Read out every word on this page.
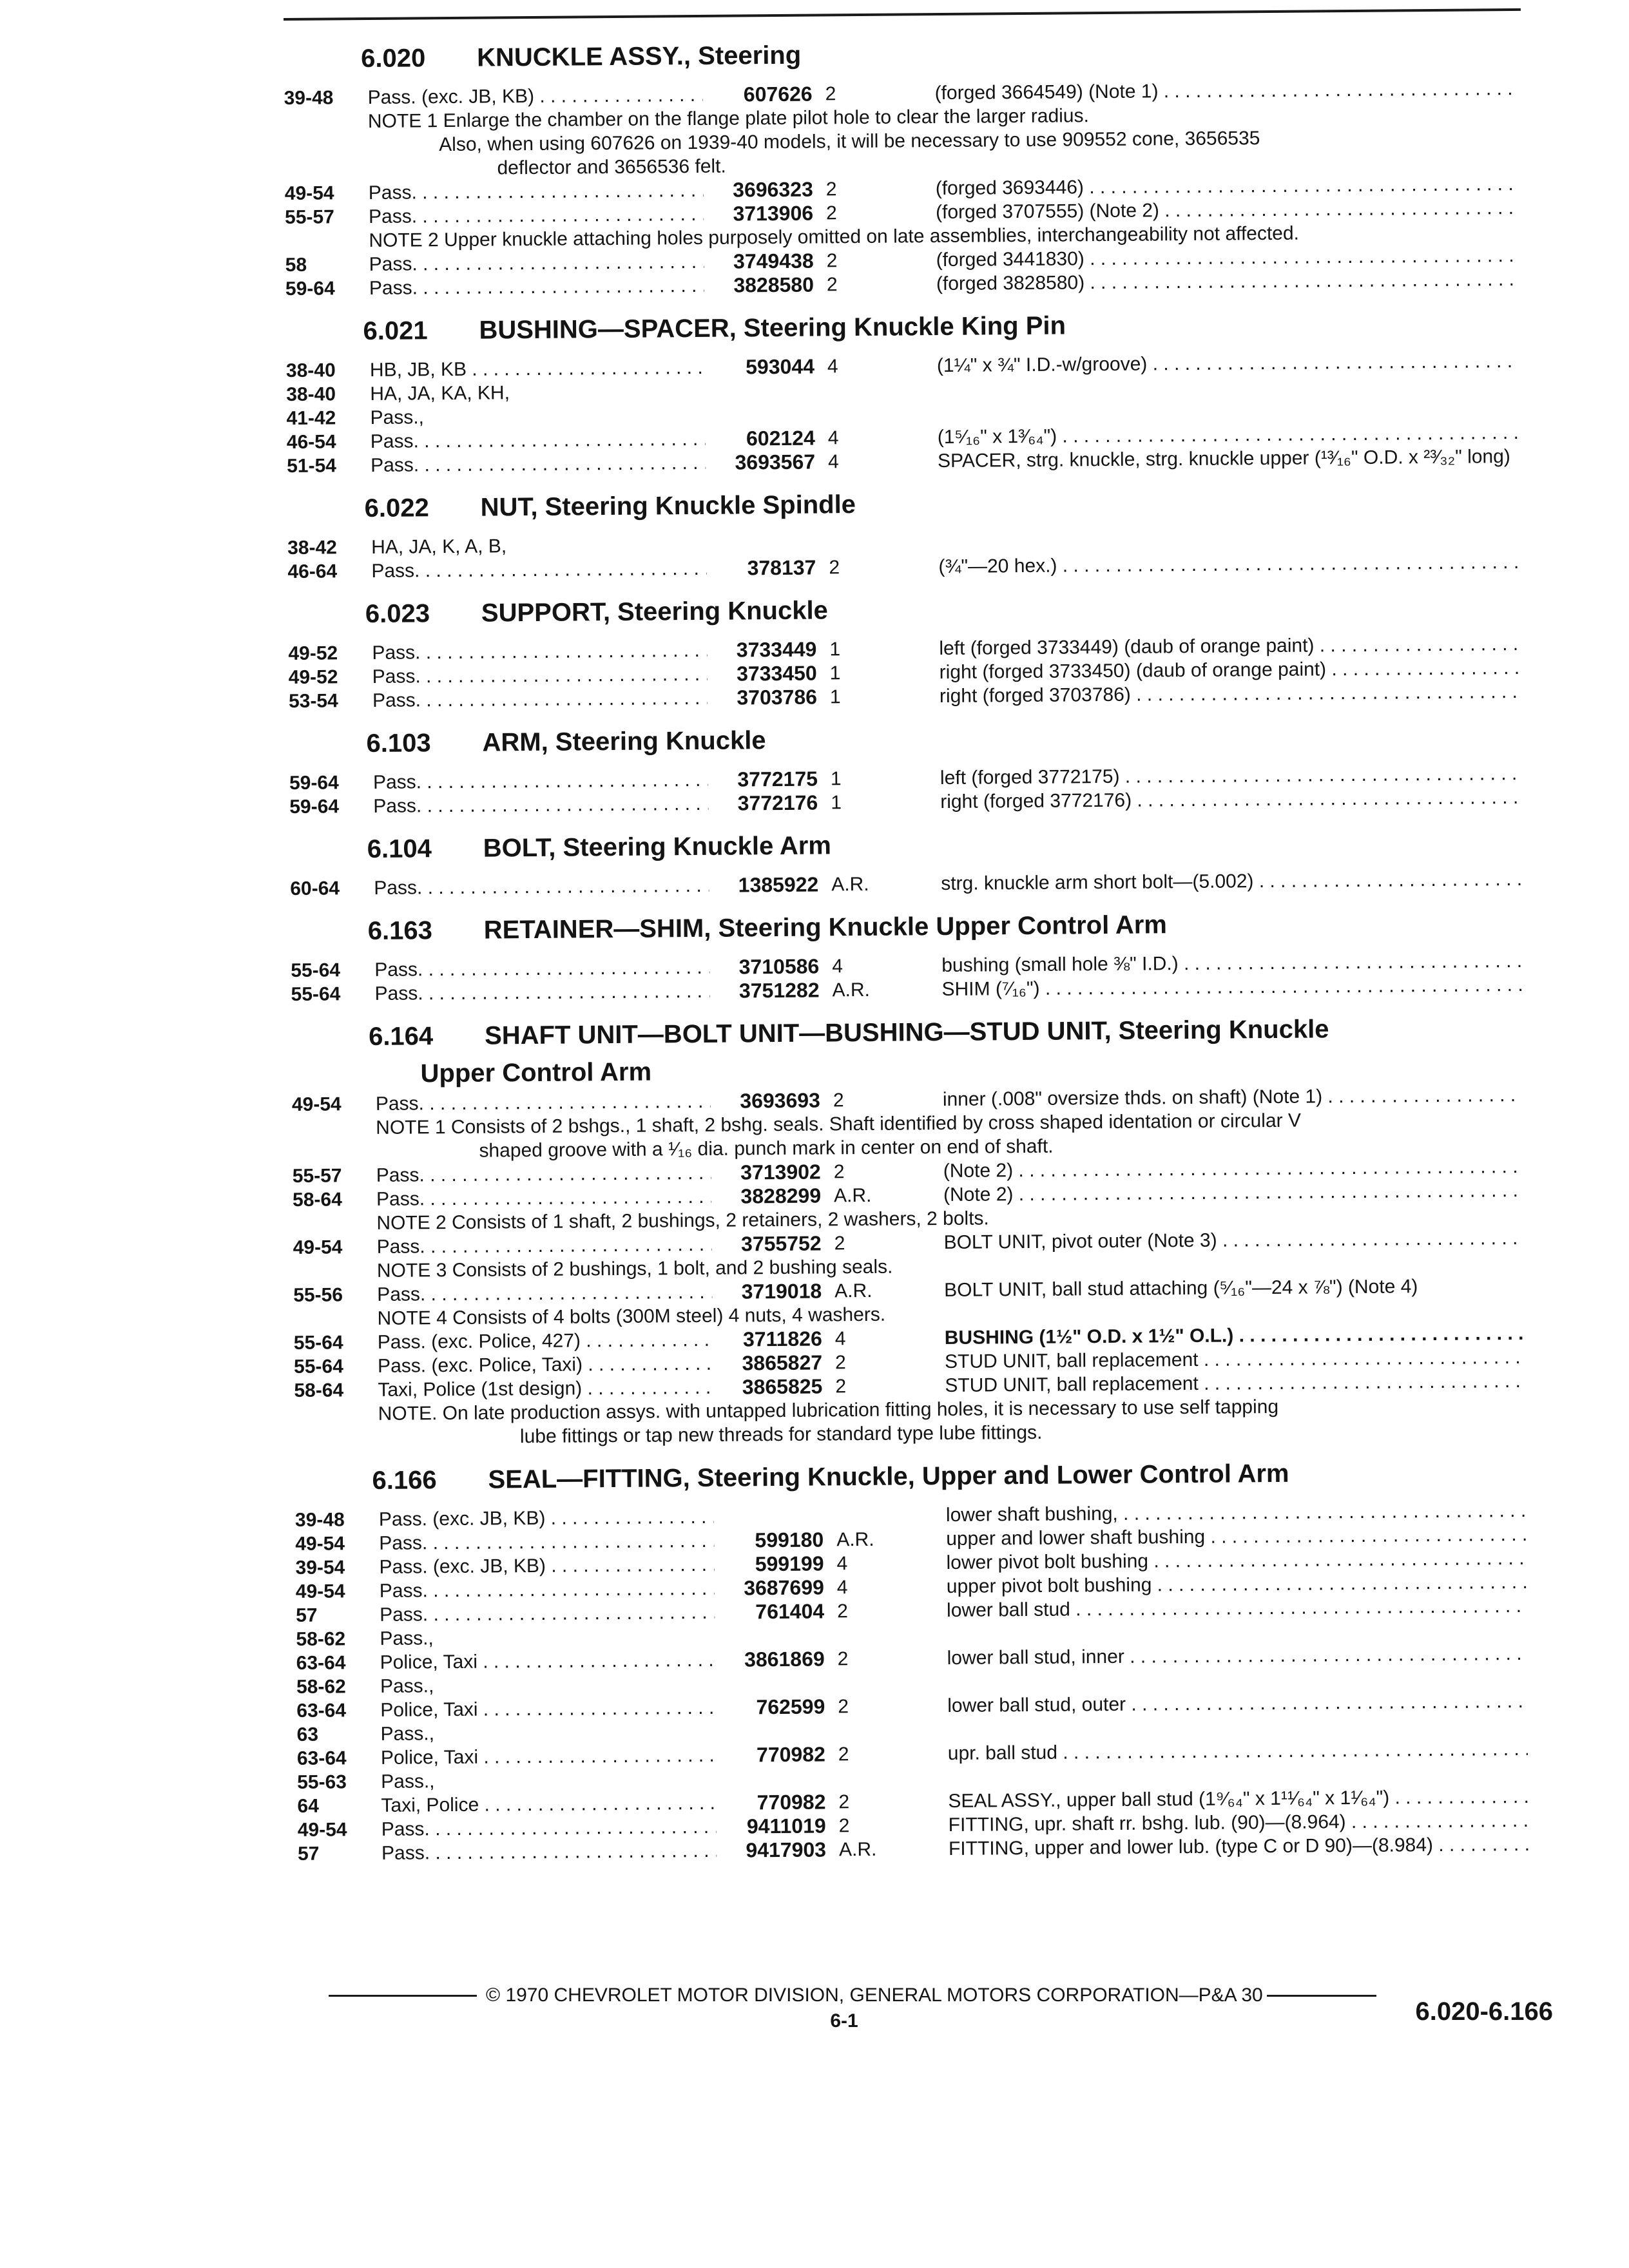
6.020	KNUCKLE ASSY., Steering
39-48	Pass. (exc. JB, KB) . . .	607626 2	(forged 3664549) (Note 1) . . .
NOTE 1 Enlarge the chamber on the flange plate pilot hole to clear the larger radius.
Also, when using 607626 on 1939-40 models, it will be necessary to use 909552 cone, 3656535
deflector and 3656536 felt.
49-54	Pass. . . .	3696323 2	(forged 3693446) . . .
55-57	Pass. . . .	3713906 2	(forged 3707555) (Note 2) . . .
NOTE 2 Upper knuckle attaching holes purposely omitted on late assemblies, interchangeability not affected.
58	Pass. . . .	3749438 2	(forged 3441830) . . .
59-64	Pass. . . .	3828580 2	(forged 3828580) . . .
6.021	BUSHING—SPACER, Steering Knuckle King Pin
38-40	HB, JB, KB . . .	593044 4	(1¼" x ¾" I.D.-w/groove) . . .
38-40	HA, JA, KA, KH,
41-42	Pass.,
46-54	Pass. . . .	602124 4	(1⁵⁄₁₆" x 1³⁄₆₄") . . .
51-54	Pass. . . .	3693567 4	SPACER, strg. knuckle, strg. knuckle upper (¹³⁄₁₆" O.D. x ²³⁄₃₂" long)
6.022	NUT, Steering Knuckle Spindle
38-42	HA, JA, K, A, B,
46-64	Pass. . . .	378137 2	(¾"—20 hex.) . . .
6.023	SUPPORT, Steering Knuckle
49-52	Pass. . . .	3733449 1	left (forged 3733449) (daub of orange paint) . . .
49-52	Pass. . . .	3733450 1	right (forged 3733450) (daub of orange paint) . . .
53-54	Pass. . . .	3703786 1	right (forged 3703786) . . .
6.103	ARM, Steering Knuckle
59-64	Pass. . . .	3772175 1	left (forged 3772175) . . .
59-64	Pass. . . .	3772176 1	right (forged 3772176) . . .
6.104	BOLT, Steering Knuckle Arm
60-64	Pass. . . .	1385922 A.R.	strg. knuckle arm short bolt—(5.002) . . .
6.163	RETAINER—SHIM, Steering Knuckle Upper Control Arm
55-64	Pass. . . .	3710586 4	bushing (small hole ⅜" I.D.) . . .
55-64	Pass. . . .	3751282 A.R.	SHIM (⁷⁄₁₆") . . .
6.164	SHAFT UNIT—BOLT UNIT—BUSHING—STUD UNIT, Steering Knuckle
Upper Control Arm
49-54	Pass. . . .	3693693 2	inner (.008" oversize thds. on shaft) (Note 1) . . .
NOTE 1 Consists of 2 bshgs., 1 shaft, 2 bshg. seals. Shaft identified by cross shaped identation or circular V
shaped groove with a ¹⁄₁₆ dia. punch mark in center on end of shaft.
55-57	Pass. . . .	3713902 2	(Note 2) . . .
58-64	Pass. . . .	3828299 A.R.	(Note 2) . . .
NOTE 2 Consists of 1 shaft, 2 bushings, 2 retainers, 2 washers, 2 bolts.
49-54	Pass. . . .	3755752 2	BOLT UNIT, pivot outer (Note 3) . . .
NOTE 3 Consists of 2 bushings, 1 bolt, and 2 bushing seals.
55-56	Pass. . . .	3719018 A.R.	BOLT UNIT, ball stud attaching (⁵⁄₁₆"—24 x ⅞") (Note 4)
NOTE 4 Consists of 4 bolts (300M steel) 4 nuts, 4 washers.
55-64	Pass. (exc. Police, 427) . . .	3711826 4	BUSHING (1½" O.D. x 1½" O.L.) . . .
55-64	Pass. (exc. Police, Taxi) . . .	3865827 2	STUD UNIT, ball replacement . . .
58-64	Taxi, Police (1st design) . . .	3865825 2	STUD UNIT, ball replacement . . .
NOTE. On late production assys. with untapped lubrication fitting holes, it is necessary to use self tapping
lube fittings or tap new threads for standard type lube fittings.
6.166	SEAL—FITTING, Steering Knuckle, Upper and Lower Control Arm
39-48	Pass. (exc. JB, KB) . . .	lower shaft bushing, . . .
49-54	Pass. . . .	599180 A.R.	upper and lower shaft bushing . . .
39-54	Pass. (exc. JB, KB) . . .	599199 4	lower pivot bolt bushing . . .
49-54	Pass. . . .	3687699 4	upper pivot bolt bushing . . .
57	Pass. . . .	761404 2	lower ball stud . . .
58-62	Pass.,
63-64	Police, Taxi . . .	3861869 2	lower ball stud, inner . . .
58-62	Pass.,
63-64	Police, Taxi . . .	762599 2	lower ball stud, outer . . .
63	Pass.,
63-64	Police, Taxi . . .	770982 2	upr. ball stud . . .
55-63	Pass.,
64	Taxi, Police . . .	770982 2	SEAL ASSY., upper ball stud (1⁹⁄₆₄" x 1¹¹⁄₆₄" x 1¹⁄₆₄") . . .
49-54	Pass. . . .	9411019 2	FITTING, upr. shaft rr. bshg. lub. (90)—(8.964) . . .
57	Pass. . . .	9417903 A.R.	FITTING, upper and lower lub. (type C or D 90)—(8.984) . . .
© 1970 CHEVROLET MOTOR DIVISION, GENERAL MOTORS CORPORATION—P&A 30
6.020-6.166
6-1
